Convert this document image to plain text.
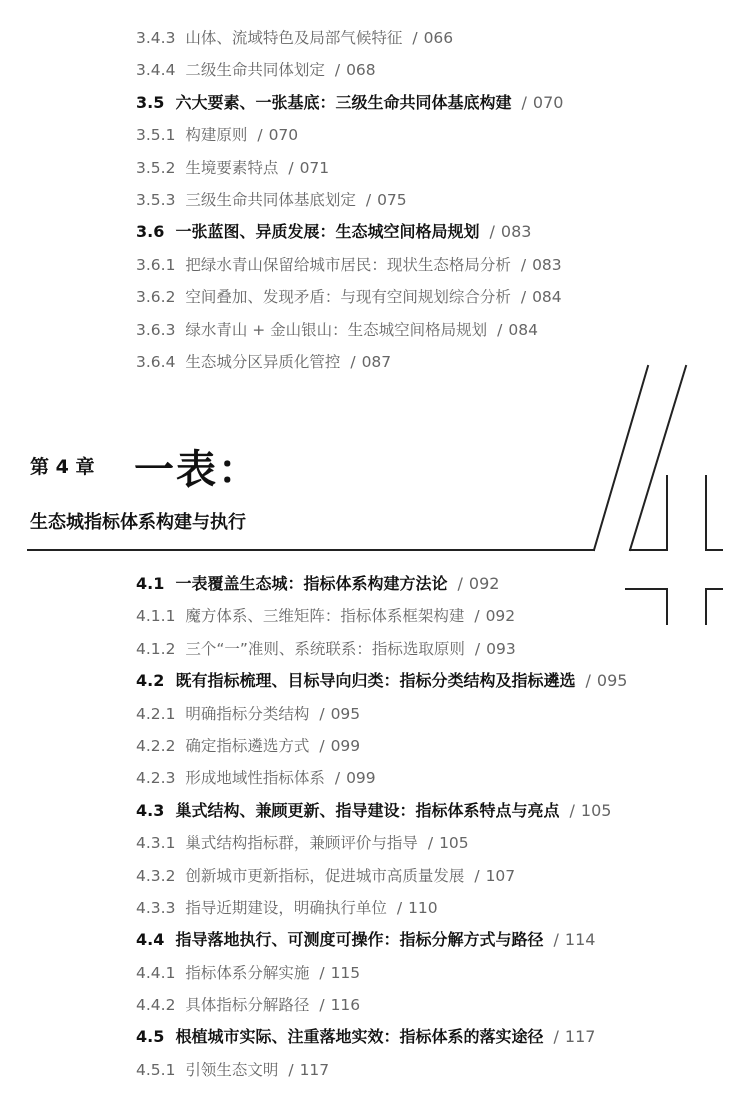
3.4.3 山体、流域特色及局部气候特征 / 066
3.4.4 二级生命共同体划定 / 068
3.5 六大要素、一张基底：三级生命共同体基底构建 / 070
3.5.1 构建原则 / 070
3.5.2 生境要素特点 / 071
3.5.3 三级生命共同体基底划定 / 075
3.6 一张蓝图、异质发展：生态城空间格局规划 / 083
3.6.1 把绿水青山保留给城市居民：现状生态格局分析 / 083
3.6.2 空间叠加、发现矛盾：与现有空间规划综合分析 / 084
3.6.3 绿水青山 + 金山银山：生态城空间格局规划 / 084
3.6.4 生态城分区异质化管控 / 087
第 4 章 一表：
生态城指标体系构建与执行
4.1 一表覆盖生态城：指标体系构建方法论 / 092
4.1.1 魔方体系、三维矩阵：指标体系框架构建 / 092
4.1.2 三个“一”准则、系统联系：指标选取原则 / 093
4.2 既有指标梳理、目标导向归类：指标分类结构及指标遴选 / 095
4.2.1 明确指标分类结构 / 095
4.2.2 确定指标遴选方式 / 099
4.2.3 形成地域性指标体系 / 099
4.3 巢式结构、兼顾更新、指导建设：指标体系特点与亮点 / 105
4.3.1 巢式结构指标群，兼顾评价与指导 / 105
4.3.2 创新城市更新指标，促进城市高质量发展 / 107
4.3.3 指导近期建设，明确执行单位 / 110
4.4 指导落地执行、可测度可操作：指标分解方式与路径 / 114
4.4.1 指标体系分解实施 / 115
4.4.2 具体指标分解路径 / 116
4.5 根植城市实际、注重落地实效：指标体系的落实途径 / 117
4.5.1 引领生态文明 / 117
